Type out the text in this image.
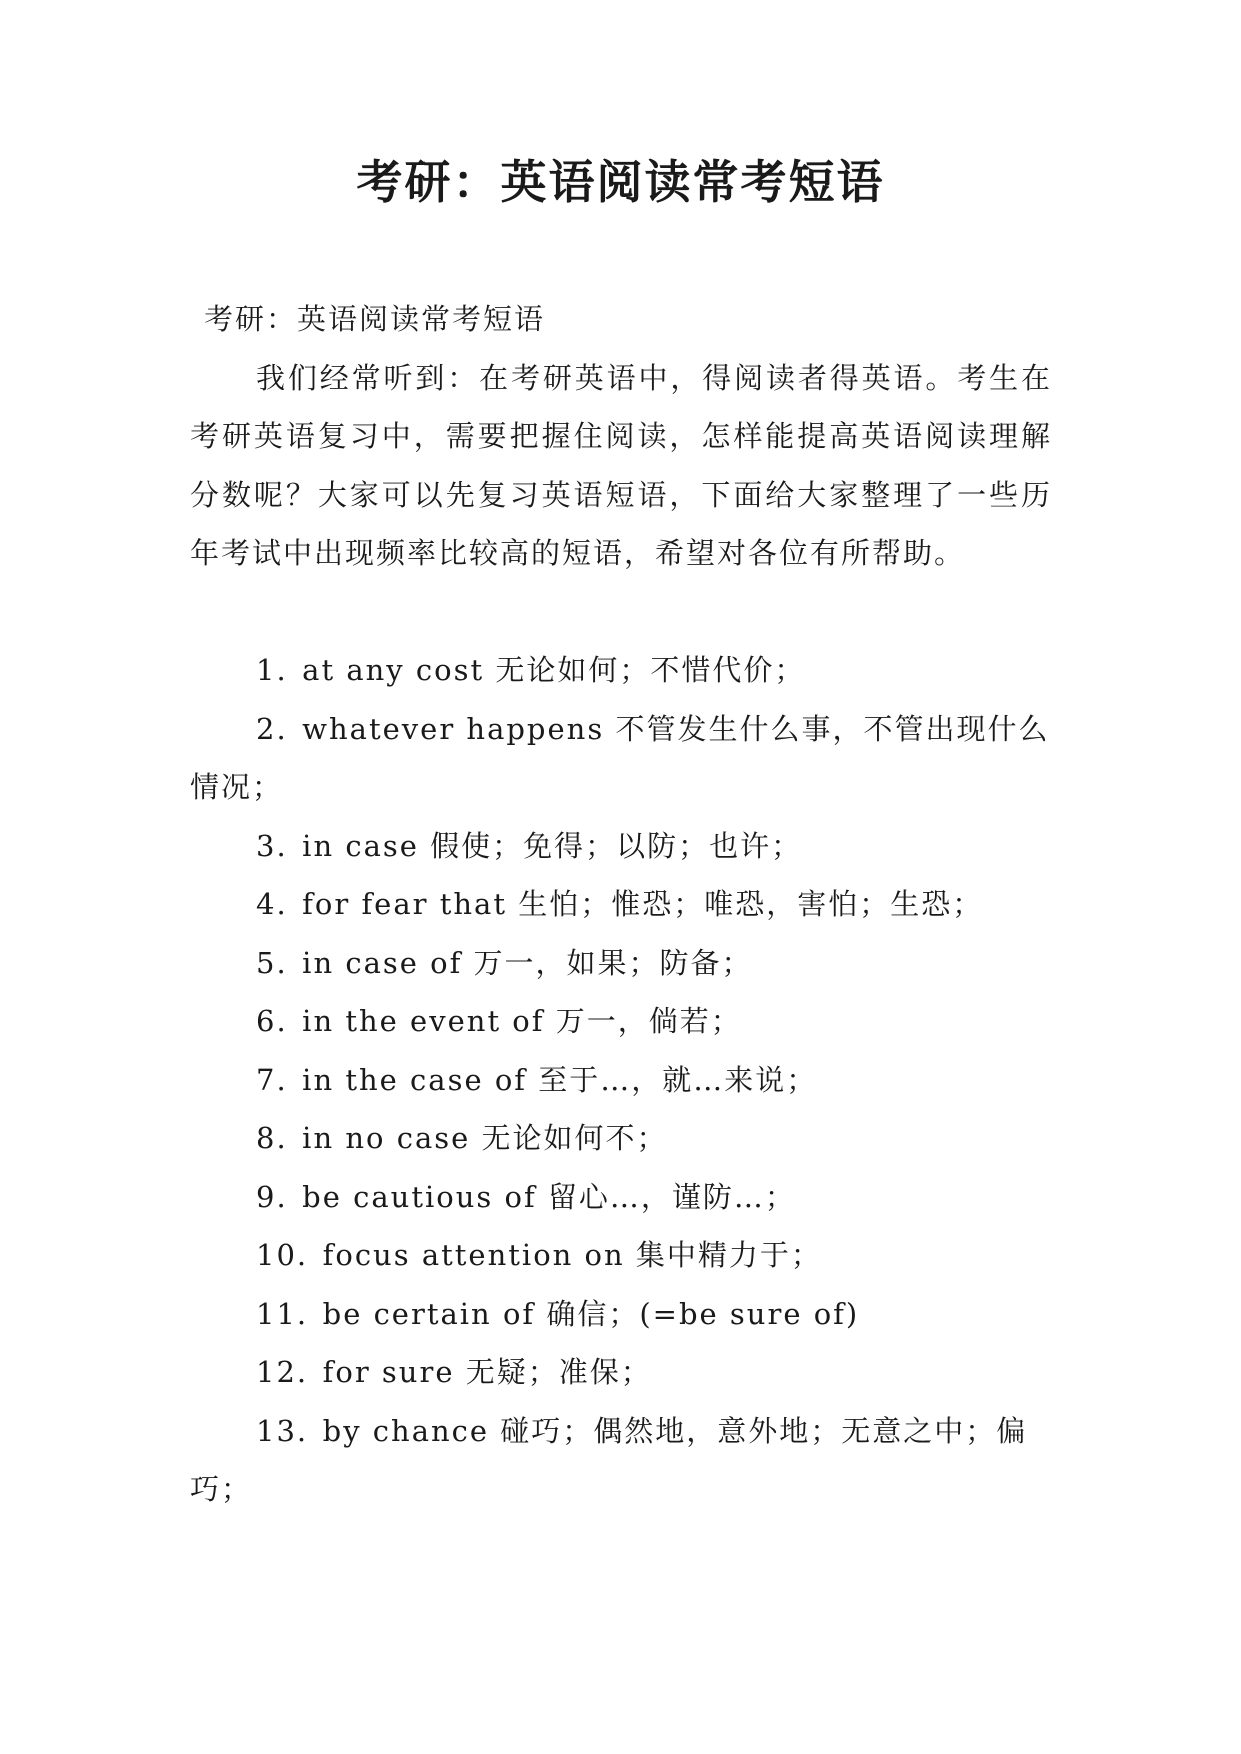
考研：英语阅读常考短语

考研：英语阅读常考短语

我们经常听到：在考研英语中，得阅读者得英语。考生在考研英语复习中，需要把握住阅读，怎样能提高英语阅读理解分数呢？大家可以先复习英语短语，下面给大家整理了一些历年考试中出现频率比较高的短语，希望对各位有所帮助。

1. at any cost 无论如何；不惜代价；
2. whatever happens 不管发生什么事，不管出现什么情况；
3. in case 假使；免得；以防；也许；
4. for fear that 生怕；惟恐；唯恐，害怕；生恐；
5. in case of 万一，如果；防备；
6. in the event of 万一，倘若；
7. in the case of 至于…，就…来说；
8. in no case 无论如何不；
9. be cautious of 留心…，谨防…；
10. focus attention on 集中精力于；
11. be certain of 确信；(=be sure of)
12. for sure 无疑；准保；
13. by chance 碰巧；偶然地，意外地；无意之中；偏巧；
